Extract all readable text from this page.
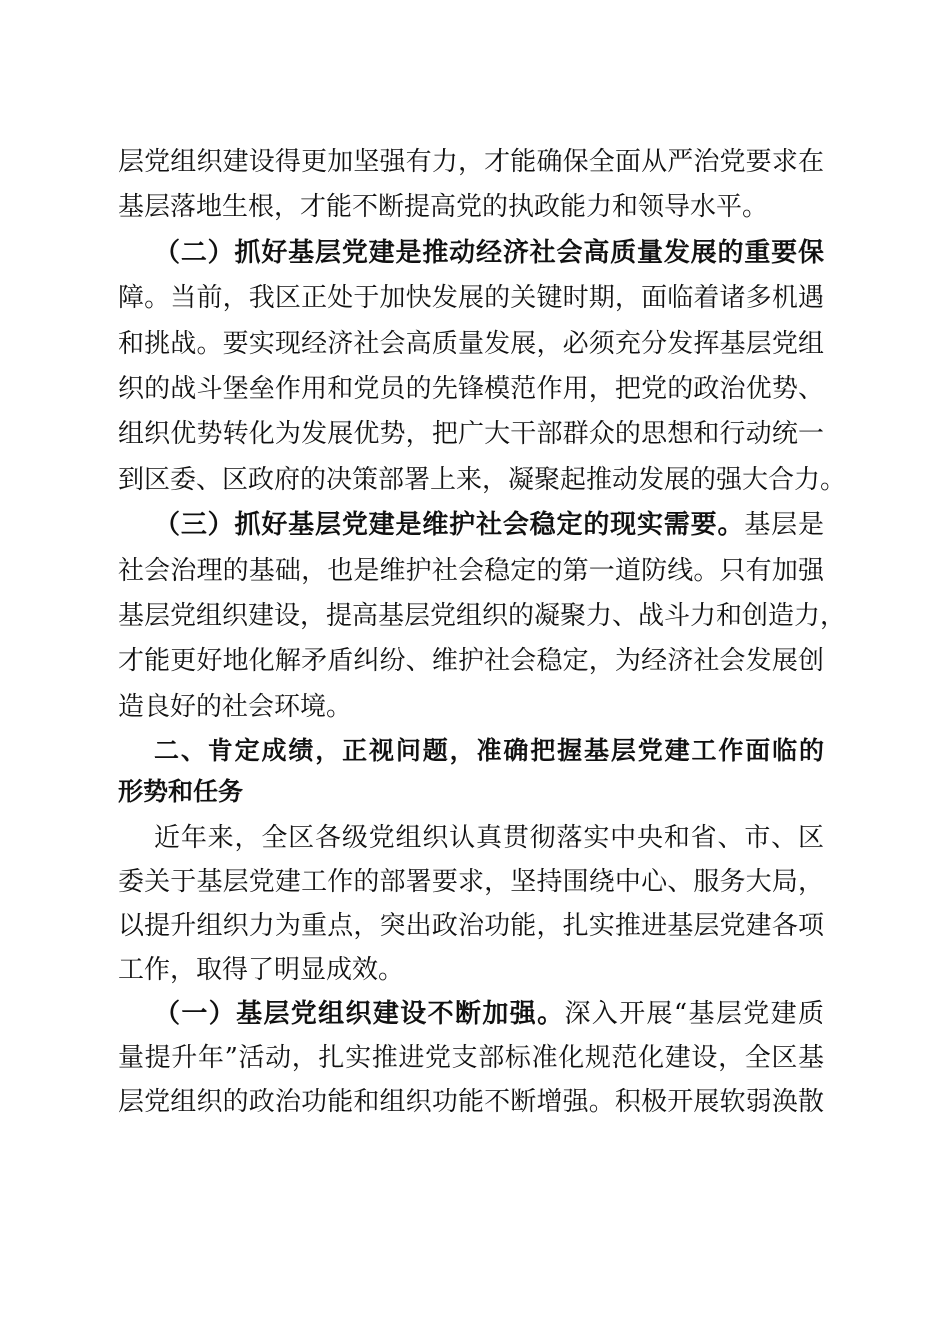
层党组织建设得更加坚强有力，才能确保全面从严治党要求在
基层落地生根，才能不断提高党的执政能力和领导水平。
（二）抓好基层党建是推动经济社会高质量发展的重要保
障。当前，我区正处于加快发展的关键时期，面临着诸多机遇
和挑战。要实现经济社会高质量发展，必须充分发挥基层党组
织的战斗堡垒作用和党员的先锋模范作用，把党的政治优势、
组织优势转化为发展优势，把广大干部群众的思想和行动统一
到区委、区政府的决策部署上来，凝聚起推动发展的强大合力。
（三）抓好基层党建是维护社会稳定的现实需要。基层是
社会治理的基础，也是维护社会稳定的第一道防线。只有加强
基层党组织建设，提高基层党组织的凝聚力、战斗力和创造力，
才能更好地化解矛盾纠纷、维护社会稳定，为经济社会发展创
造良好的社会环境。
二、肯定成绩，正视问题，准确把握基层党建工作面临的
形势和任务
近年来，全区各级党组织认真贯彻落实中央和省、市、区
委关于基层党建工作的部署要求，坚持围绕中心、服务大局，
以提升组织力为重点，突出政治功能，扎实推进基层党建各项
工作，取得了明显成效。
（一）基层党组织建设不断加强。深入开展“基层党建质
量提升年”活动，扎实推进党支部标准化规范化建设，全区基
层党组织的政治功能和组织功能不断增强。积极开展软弱涣散
